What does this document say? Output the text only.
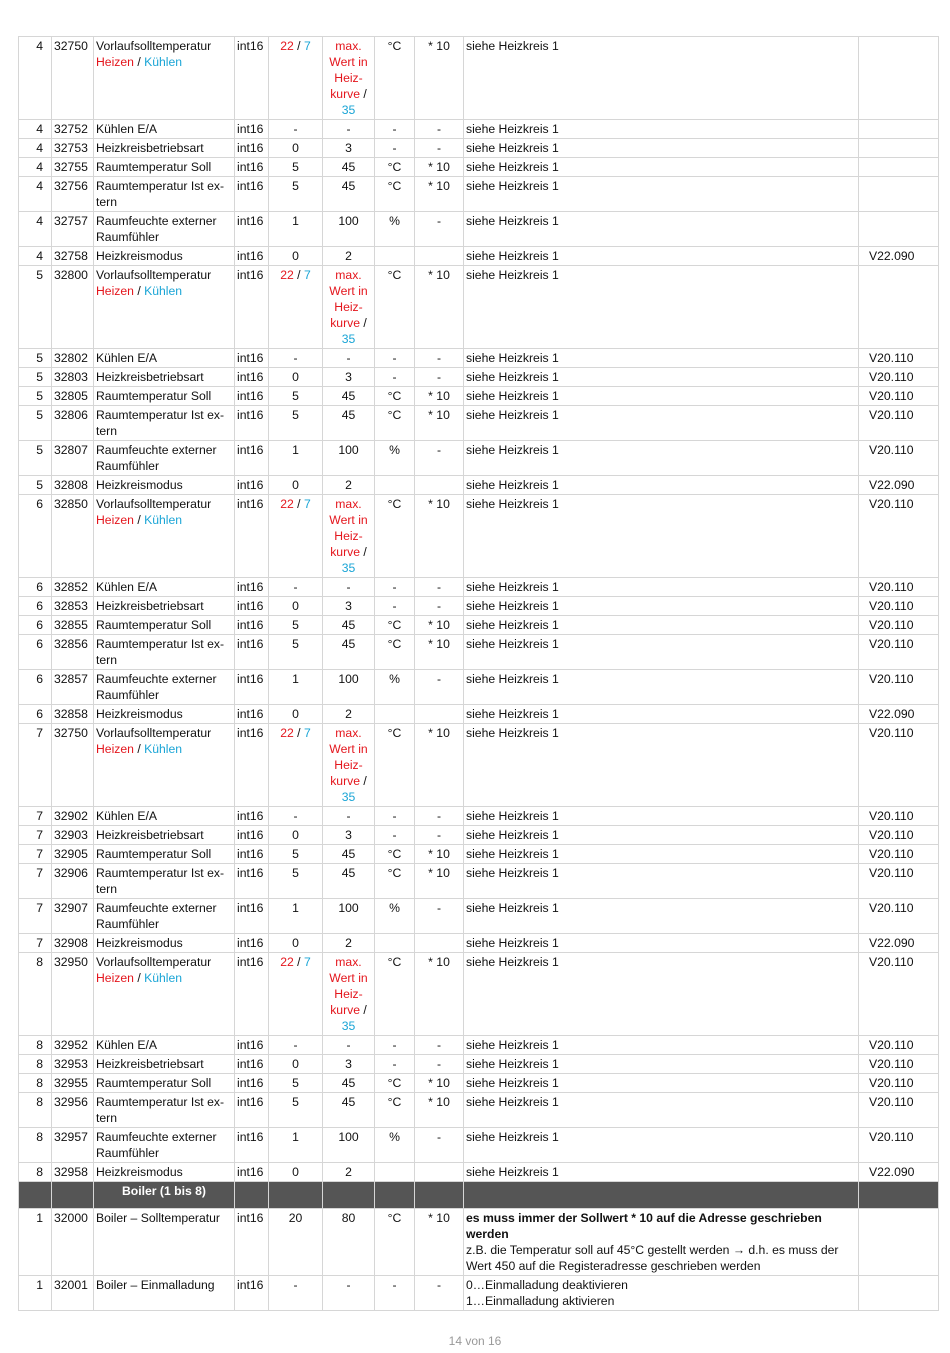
4	32750	Vorlaufsolltemperatur
Heizen / Kühlen	int16	22 / 7	max.
Wert in
Heiz-
kurve /
35	°C	* 10	siehe Heizkreis 1	
4	32752	Kühlen E/A	int16	-	-	-	-	siehe Heizkreis 1	
4	32753	Heizkreisbetriebsart	int16	0	3	-	-	siehe Heizkreis 1	
4	32755	Raumtemperatur Soll	int16	5	45	°C	* 10	siehe Heizkreis 1	
4	32756	Raumtemperatur Ist ex-tern	int16	5	45	°C	* 10	siehe Heizkreis 1	
4	32757	Raumfeuchte externer Raumfühler	int16	1	100	%	-	siehe Heizkreis 1	
4	32758	Heizkreismodus	int16	0	2			siehe Heizkreis 1	V22.090
5	32800	Vorlaufsolltemperatur
Heizen / Kühlen	int16	22 / 7	max.
Wert in
Heiz-
kurve /
35	°C	* 10	siehe Heizkreis 1	
5	32802	Kühlen E/A	int16	-	-	-	-	siehe Heizkreis 1	V20.110
5	32803	Heizkreisbetriebsart	int16	0	3	-	-	siehe Heizkreis 1	V20.110
5	32805	Raumtemperatur Soll	int16	5	45	°C	* 10	siehe Heizkreis 1	V20.110
5	32806	Raumtemperatur Ist ex-tern	int16	5	45	°C	* 10	siehe Heizkreis 1	V20.110
5	32807	Raumfeuchte externer Raumfühler	int16	1	100	%	-	siehe Heizkreis 1	V20.110
5	32808	Heizkreismodus	int16	0	2			siehe Heizkreis 1	V22.090
6	32850	Vorlaufsolltemperatur
Heizen / Kühlen	int16	22 / 7	max.
Wert in
Heiz-
kurve /
35	°C	* 10	siehe Heizkreis 1	V20.110
6	32852	Kühlen E/A	int16	-	-	-	-	siehe Heizkreis 1	V20.110
6	32853	Heizkreisbetriebsart	int16	0	3	-	-	siehe Heizkreis 1	V20.110
6	32855	Raumtemperatur Soll	int16	5	45	°C	* 10	siehe Heizkreis 1	V20.110
6	32856	Raumtemperatur Ist ex-tern	int16	5	45	°C	* 10	siehe Heizkreis 1	V20.110
6	32857	Raumfeuchte externer Raumfühler	int16	1	100	%	-	siehe Heizkreis 1	V20.110
6	32858	Heizkreismodus	int16	0	2			siehe Heizkreis 1	V22.090
7	32750	Vorlaufsolltemperatur
Heizen / Kühlen	int16	22 / 7	max.
Wert in
Heiz-
kurve /
35	°C	* 10	siehe Heizkreis 1	V20.110
7	32902	Kühlen E/A	int16	-	-	-	-	siehe Heizkreis 1	V20.110
7	32903	Heizkreisbetriebsart	int16	0	3	-	-	siehe Heizkreis 1	V20.110
7	32905	Raumtemperatur Soll	int16	5	45	°C	* 10	siehe Heizkreis 1	V20.110
7	32906	Raumtemperatur Ist ex-tern	int16	5	45	°C	* 10	siehe Heizkreis 1	V20.110
7	32907	Raumfeuchte externer Raumfühler	int16	1	100	%	-	siehe Heizkreis 1	V20.110
7	32908	Heizkreismodus	int16	0	2			siehe Heizkreis 1	V22.090
8	32950	Vorlaufsolltemperatur
Heizen / Kühlen	int16	22 / 7	max.
Wert in
Heiz-
kurve /
35	°C	* 10	siehe Heizkreis 1	V20.110
8	32952	Kühlen E/A	int16	-	-	-	-	siehe Heizkreis 1	V20.110
8	32953	Heizkreisbetriebsart	int16	0	3	-	-	siehe Heizkreis 1	V20.110
8	32955	Raumtemperatur Soll	int16	5	45	°C	* 10	siehe Heizkreis 1	V20.110
8	32956	Raumtemperatur Ist ex-tern	int16	5	45	°C	* 10	siehe Heizkreis 1	V20.110
8	32957	Raumfeuchte externer Raumfühler	int16	1	100	%	-	siehe Heizkreis 1	V20.110
8	32958	Heizkreismodus	int16	0	2			siehe Heizkreis 1	V22.090
		Boiler (1 bis 8)							
1	32000	Boiler – Solltemperatur	int16	20	80	°C	* 10	es muss immer der Sollwert * 10 auf die Adresse geschrieben werden
z.B. die Temperatur soll auf 45°C gestellt werden → d.h. es muss der Wert 450 auf die Registeradresse geschrieben werden	

1	32001	Boiler – Einmalladung	int16	-	-	-	-	0…Einmalladung deaktivieren
1…Einmalladung aktivieren	

14 von 16
